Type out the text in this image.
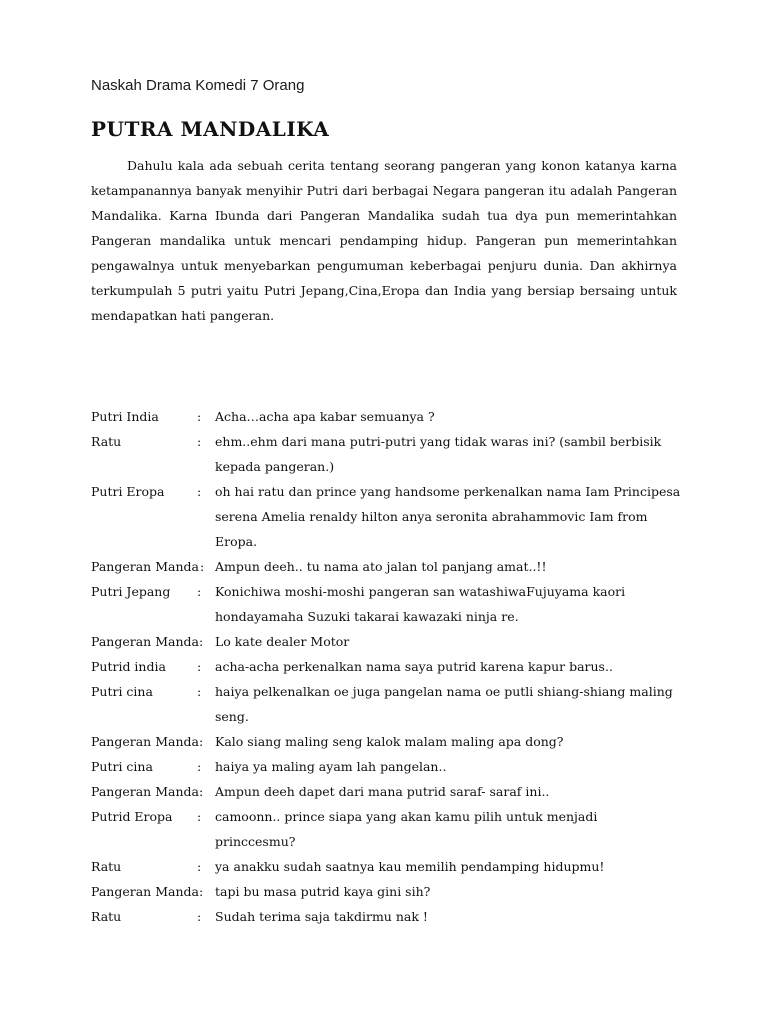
Naskah Drama Komedi 7 Orang

PUTRA MANDALIKA

Dahulu kala ada sebuah cerita tentang seorang pangeran yang konon katanya karna ketampanannya banyak menyihir Putri dari berbagai Negara pangeran itu adalah Pangeran Mandalika. Karna Ibunda dari Pangeran Mandalika sudah tua dya pun memerintahkan Pangeran mandalika untuk mencari pendamping hidup. Pangeran pun memerintahkan pengawalnya untuk menyebarkan pengumuman keberbagai penjuru dunia. Dan akhirnya terkumpulah 5 putri yaitu Putri Jepang,Cina,Eropa dan India yang bersiap bersaing untuk mendapatkan hati pangeran.

Putri India	:	Acha…acha apa kabar semuanya ?
Ratu	:	ehm..ehm dari mana putri-putri yang tidak waras ini? (sambil berbisik kepada pangeran.)
Putri Eropa	:	oh hai ratu dan prince yang handsome perkenalkan nama Iam Principesa serena Amelia renaldy hilton anya seronita abrahammovic Iam from Eropa.
Pangeran Manda : Ampun deeh.. tu nama ato jalan tol panjang amat..!!
Putri Jepang	:	Konichiwa moshi-moshi pangeran san watashiwaFujuyama kaori hondayamaha Suzuki takarai kawazaki ninja re.
Pangeran Manda: Lo kate dealer Motor
Putrid india	:	acha-acha perkenalkan nama saya putrid karena kapur barus..
Putri cina	:	haiya pelkenalkan oe juga pangelan nama oe putli shiang-shiang maling seng.
Pangeran Manda: Kalo siang maling seng kalok malam maling apa dong?
Putri cina	:	haiya ya maling ayam lah pangelan..
Pangeran Manda: Ampun deeh dapet dari mana putrid saraf- saraf ini..
Putrid Eropa	:	camoonn.. prince siapa yang akan kamu pilih untuk menjadi princcesmu?
Ratu	:	ya anakku sudah saatnya kau memilih pendamping hidupmu!
Pangeran Manda: tapi bu masa putrid kaya gini sih?
Ratu	:	Sudah terima saja takdirmu nak !
